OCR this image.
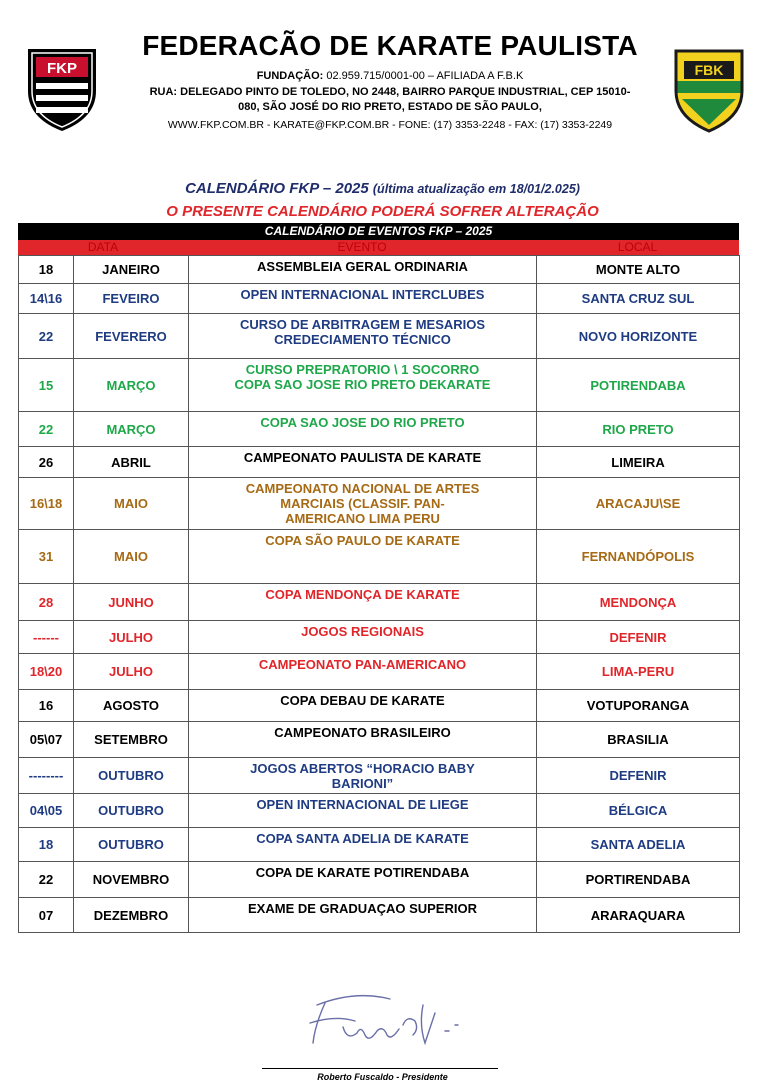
FKP	FBK
FEDERACÃO DE KARATE PAULISTA
FUNDAÇÃO: 02.959.715/0001-00 – AFILIADA A F.B.K
RUA: DELEGADO PINTO DE TOLEDO, NO 2448, BAIRRO PARQUE INDUSTRIAL, CEP 15010-
080, SÃO JOSÉ DO RIO PRETO, ESTADO DE SÃO PAULO,
WWW.FKP.COM.BR - KARATE@FKP.COM.BR - FONE: (17) 3353-2248 - FAX: (17) 3353-2249
CALENDÁRIO FKP – 2025 (última atualização em 18/01/2.025)
O PRESENTE CALENDÁRIO PODERÁ SOFRER ALTERAÇÃO
CALENDÁRIO DE EVENTOS FKP – 2025
DATA	EVENTO	LOCAL
18	JANEIRO	ASSEMBLEIA GERAL ORDINARIA	MONTE ALTO
14\16	FEVEIRO	OPEN INTERNACIONAL INTERCLUBES	SANTA CRUZ SUL
22	FEVERERO	CURSO DE ARBITRAGEM E MESARIOS
CREDECIAMENTO TÉCNICO	NOVO HORIZONTE
15	MARÇO	CURSO PREPRATORIO \ 1 SOCORRO
COPA SAO JOSE RIO PRETO DEKARATE	POTIRENDABA
22	MARÇO	COPA SAO JOSE DO RIO PRETO	RIO PRETO
26	ABRIL	CAMPEONATO PAULISTA DE KARATE	LIMEIRA
16\18	MAIO	CAMPEONATO NACIONAL DE ARTES
MARCIAIS (CLASSIF. PAN-
AMERICANO LIMA PERU	ARACAJU\SE
31	MAIO	COPA SÃO PAULO DE KARATE	FERNANDÓPOLIS
28	JUNHO	COPA MENDONÇA DE KARATE	MENDONÇA
------	JULHO	JOGOS REGIONAIS	DEFENIR
18\20	JULHO	CAMPEONATO PAN-AMERICANO	LIMA-PERU
16	AGOSTO	COPA DEBAU DE KARATE	VOTUPORANGA
05\07	SETEMBRO	CAMPEONATO BRASILEIRO	BRASILIA
--------	OUTUBRO	JOGOS ABERTOS “HORACIO BABY
BARIONI”	DEFENIR
04\05	OUTUBRO	OPEN INTERNACIONAL DE LIEGE	BÉLGICA
18	OUTUBRO	COPA SANTA ADELIA DE KARATE	SANTA ADELIA
22	NOVEMBRO	COPA DE KARATE POTIRENDABA	PORTIRENDABA
07	DEZEMBRO	EXAME DE GRADUAÇAO SUPERIOR	ARARAQUARA
Roberto Fuscaldo - Presidente
